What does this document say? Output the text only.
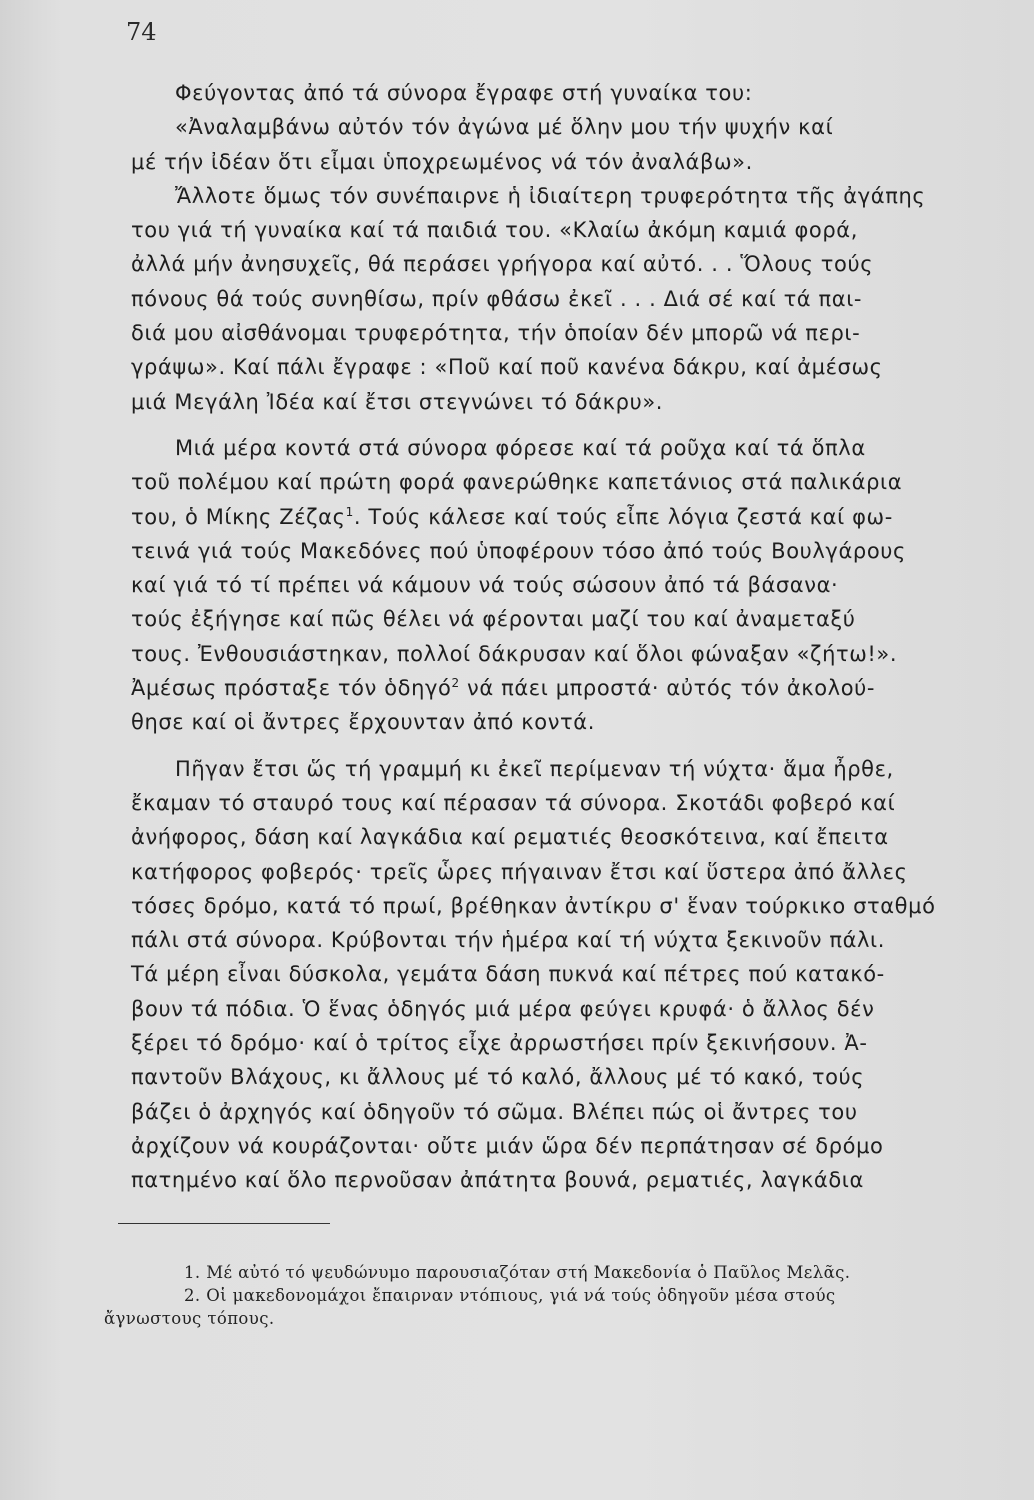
74

Φεύγοντας ἀπό τά σύνορα ἔγραφε στή γυναίκα του:

«Ἀναλαμβάνω αὐτόν τόν ἀγώνα μέ ὅλην μου τήν ψυχήν καί
μέ τήν ἰδέαν ὅτι εἶμαι ὑποχρεωμένος νά τόν ἀναλάβω».

Ἄλλοτε ὅμως τόν συνέπαιρνε ἡ ἰδιαίτερη τρυφερότητα τῆς ἀγάπης
του γιά τή γυναίκα καί τά παιδιά του. «Κλαίω ἀκόμη καμιά φορά,
ἀλλά μήν ἀνησυχεῖς, θά περάσει γρήγορα καί αὐτό. . . Ὅλους τούς
πόνους θά τούς συνηθίσω, πρίν φθάσω ἐκεῖ . . . Διά σέ καί τά παι-
διά μου αἰσθάνομαι τρυφερότητα, τήν ὁποίαν δέν μπορῶ νά περι-
γράψω». Καί πάλι ἔγραφε : «Ποῦ καί ποῦ κανένα δάκρυ, καί ἀμέσως
μιά Μεγάλη Ἰδέα καί ἔτσι στεγνώνει τό δάκρυ».

Μιά μέρα κοντά στά σύνορα φόρεσε καί τά ροῦχα καί τά ὅπλα
τοῦ πολέμου καί πρώτη φορά φανερώθηκε καπετάνιος στά παλικάρια
του, ὁ Μίκης Ζέζας$^1$. Τούς κάλεσε καί τούς εἶπε λόγια ζεστά καί φω-
τεινά γιά τούς Μακεδόνες πού ὑποφέρουν τόσο ἀπό τούς Βουλγάρους
καί γιά τό τί πρέπει νά κάμουν νά τούς σώσουν ἀπό τά βάσανα·
τούς ἐξήγησε καί πῶς θέλει νά φέρονται μαζί του καί ἀναμεταξύ
τους. Ἐνθουσιάστηκαν, πολλοί δάκρυσαν καί ὅλοι φώναξαν «ζήτω!».
Ἀμέσως πρόσταξε τόν ὁδηγό$^2$ νά πάει μπροστά· αὐτός τόν ἀκολού-
θησε καί οἱ ἄντρες ἔρχουνταν ἀπό κοντά.

Πῆγαν ἔτσι ὥς τή γραμμή κι ἐκεῖ περίμεναν τή νύχτα· ἅμα ἦρθε,
ἔκαμαν τό σταυρό τους καί πέρασαν τά σύνορα. Σκοτάδι φοβερό καί
ἀνήφορος, δάση καί λαγκάδια καί ρεματιές θεοσκότεινα, καί ἔπειτα
κατήφορος φοβερός· τρεῖς ὧρες πήγαιναν ἔτσι καί ὕστερα ἀπό ἄλλες
τόσες δρόμο, κατά τό πρωί, βρέθηκαν ἀντίκρυ σ' ἕναν τούρκικο σταθμό
πάλι στά σύνορα. Κρύβονται τήν ἡμέρα καί τή νύχτα ξεκινοῦν πάλι.
Τά μέρη εἶναι δύσκολα, γεμάτα δάση πυκνά καί πέτρες πού κατακό-
βουν τά πόδια. Ὁ ἕνας ὁδηγός μιά μέρα φεύγει κρυφά· ὁ ἄλλος δέν
ξέρει τό δρόμο· καί ὁ τρίτος εἶχε ἀρρωστήσει πρίν ξεκινήσουν. Ἀ-
παντοῦν Βλάχους, κι ἄλλους μέ τό καλό, ἄλλους μέ τό κακό, τούς
βάζει ὁ ἀρχηγός καί ὁδηγοῦν τό σῶμα. Βλέπει πώς οἱ ἄντρες του
ἀρχίζουν νά κουράζονται· οὔτε μιάν ὥρα δέν περπάτησαν σέ δρόμο
πατημένο καί ὅλο περνοῦσαν ἀπάτητα βουνά, ρεματιές, λαγκάδια

1. Μέ αὐτό τό ψευδώνυμο παρουσιαζόταν στή Μακεδονία ὁ Παῦλος Μελᾶς.

2. Οἱ μακεδονομάχοι ἔπαιρναν ντόπιους, γιά νά τούς ὁδηγοῦν μέσα στούς

ἄγνωστους τόπους.
